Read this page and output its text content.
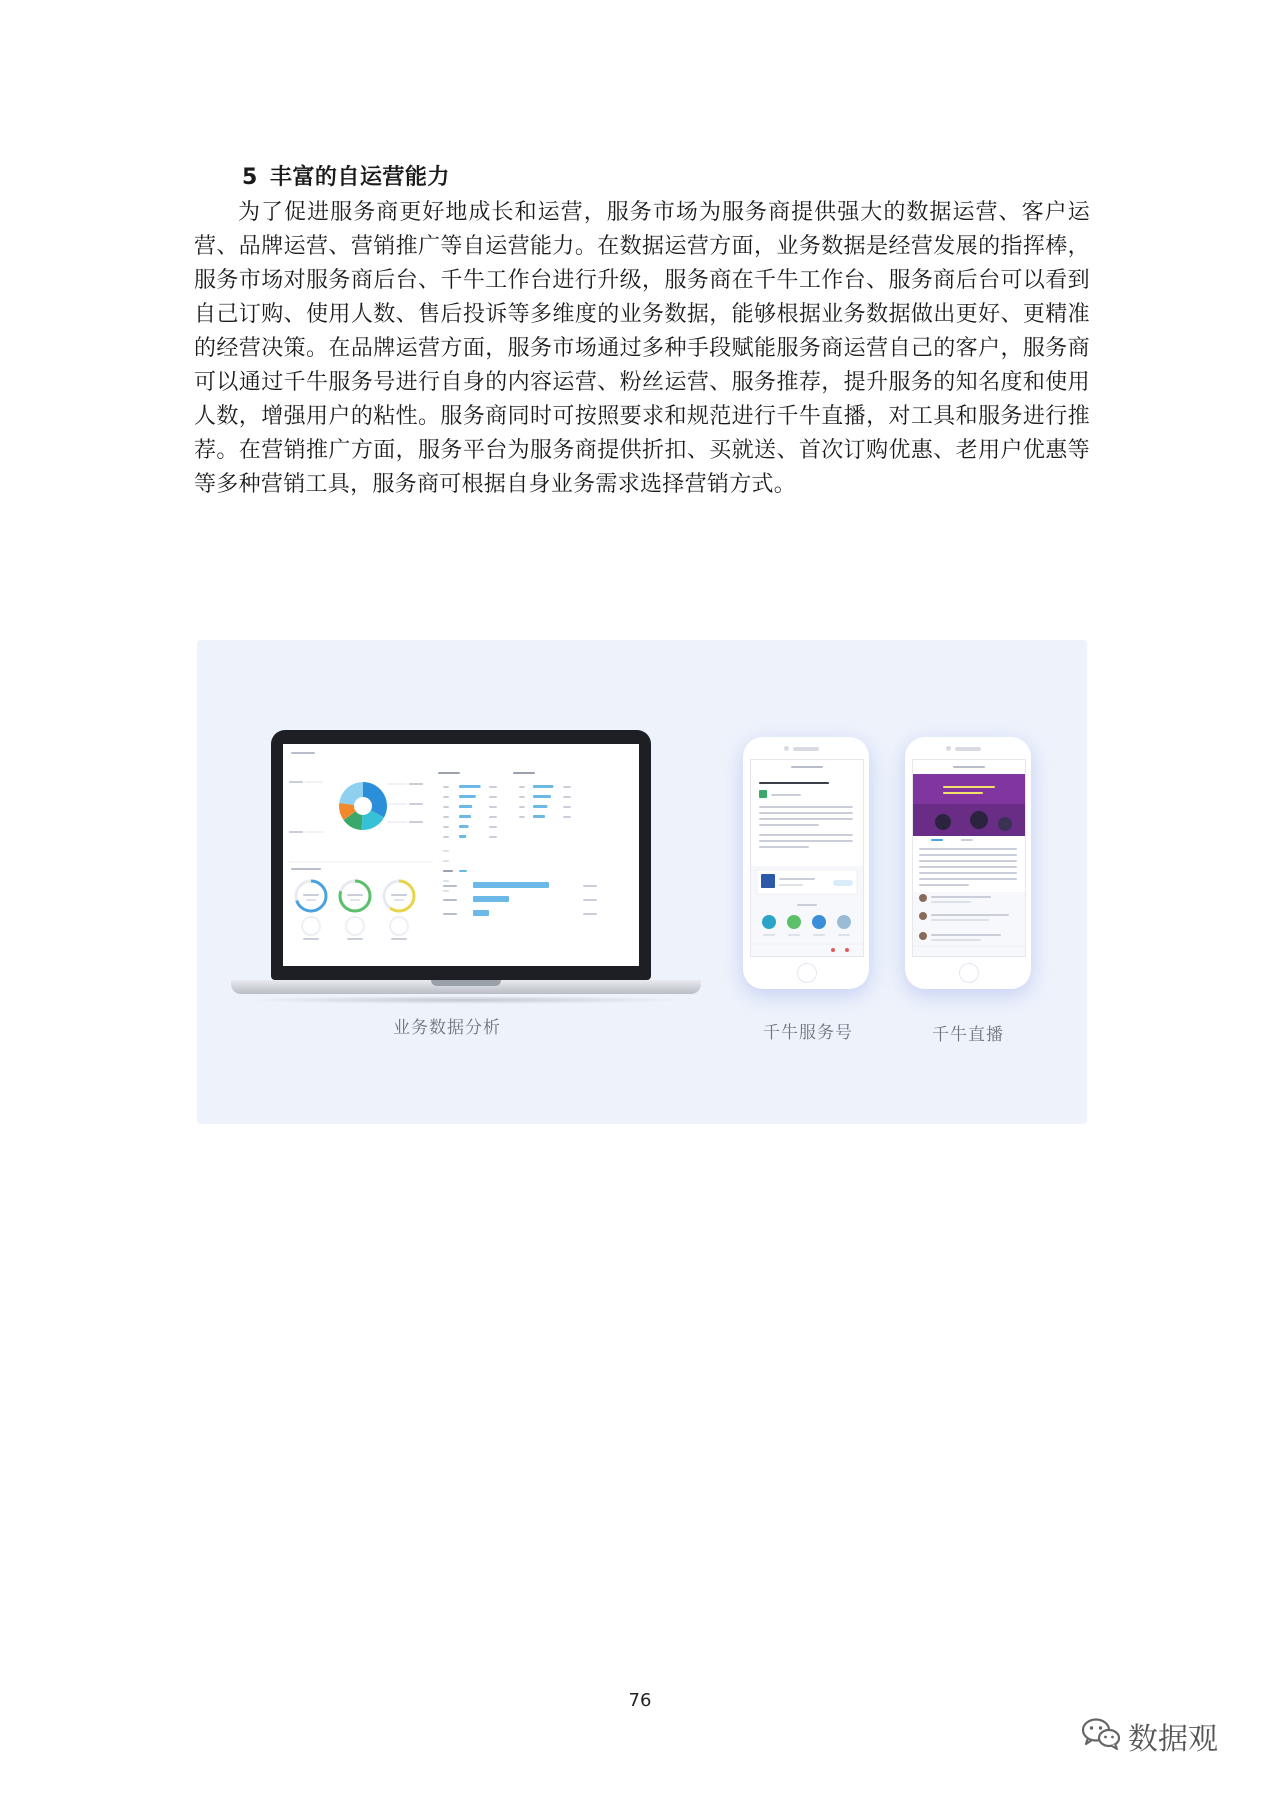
5 丰富的自运营能力

为了促进服务商更好地成长和运营，服务市场为服务商提供强大的数据运营、客户运营、品牌运营、营销推广等自运营能力。在数据运营方面，业务数据是经营发展的指挥棒，服务市场对服务商后台、千牛工作台进行升级，服务商在千牛工作台、服务商后台可以看到自己订购、使用人数、售后投诉等多维度的业务数据，能够根据业务数据做出更好、更精准的经营决策。在品牌运营方面，服务市场通过多种手段赋能服务商运营自己的客户，服务商可以通过千牛服务号进行自身的内容运营、粉丝运营、服务推荐，提升服务的知名度和使用人数，增强用户的粘性。服务商同时可按照要求和规范进行千牛直播，对工具和服务进行推荐。在营销推广方面，服务平台为服务商提供折扣、买就送、首次订购优惠、老用户优惠等等多种营销工具，服务商可根据自身业务需求选择营销方式。

业务数据分析	千牛服务号	千牛直播

76

数据观
